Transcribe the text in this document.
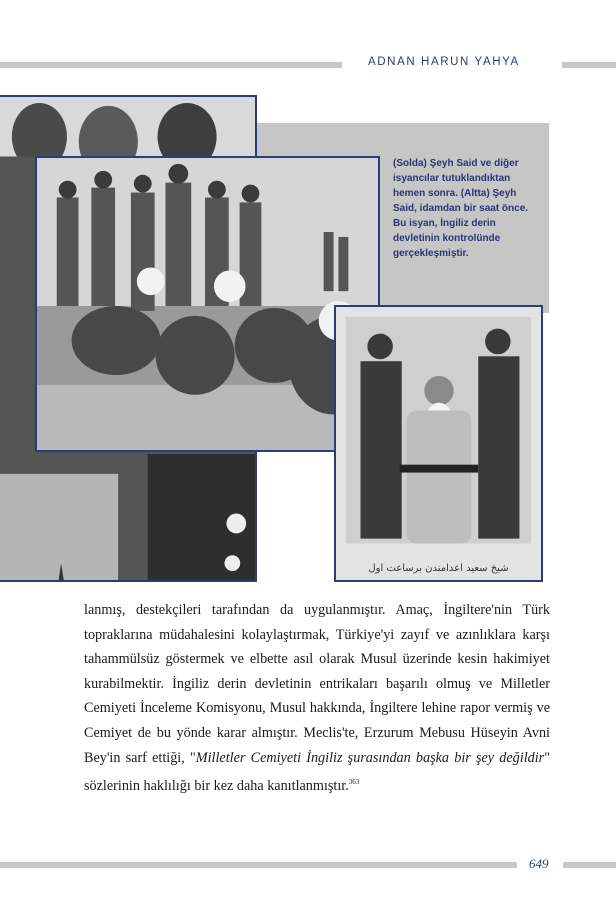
ADNAN HARUN YAHYA

(Solda) Şeyh Said ve diğer isyancılar tutuklandıktan hemen sonra. (Altta) Şeyh Said, idamdan bir saat önce. Bu isyan, İngiliz derin devletinin kontrolünde gerçekleşmiştir.

شيخ سعيد اعدامندن برساعت اول

lanmış, destekçileri tarafından da uygulanmıştır. Amaç, İngiltere'nin Türk topraklarına müdahalesini kolaylaştırmak, Türkiye'yi zayıf ve azınlıklara karşı tahammülsüz göstermek ve elbette asıl olarak Musul üzerinde kesin hakimiyet kurabilmektir. İngiliz derin devletinin entrikaları başarılı olmuş ve Milletler Cemiyeti İnceleme Komisyonu, Musul hakkında, İngiltere lehine rapor vermiş ve Cemiyet de bu yönde karar almıştır. Meclis'te, Erzurum Mebusu Hüseyin Avni Bey'in sarf ettiği, "Milletler Cemiyeti İngiliz şurasından başka bir şey değildir" sözlerinin haklılığı bir kez daha kanıtlanmıştır.$^{363}$

649
